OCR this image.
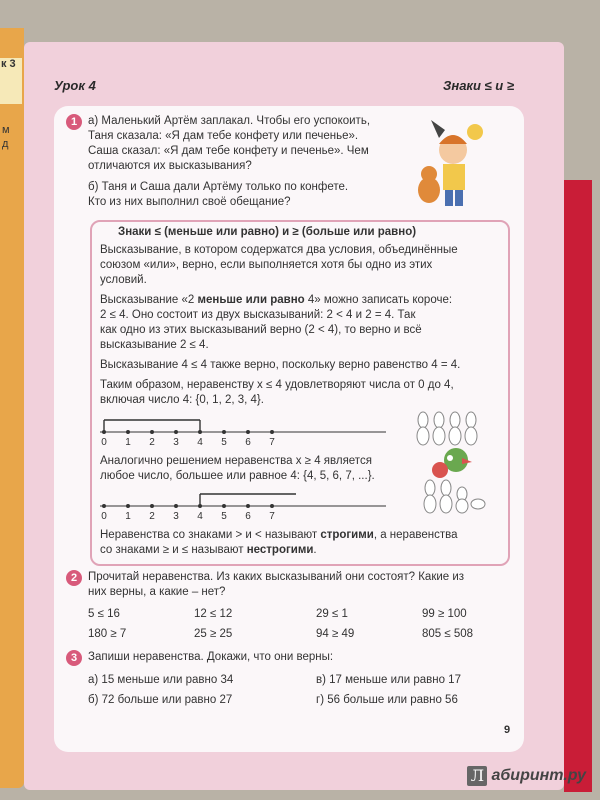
к 3
м
д
Урок 4	Знаки ≤ и ≥
1 а) Маленький Артём заплакал. Чтобы его успокоить,
Таня сказала: «Я дам тебе конфету или печенье».
Саша сказал: «Я дам тебе конфету и печенье». Чем
отличаются их высказывания?
б) Таня и Саша дали Артёму только по конфете.
Кто из них выполнил своё обещание?
Знаки ≤ (меньше или равно) и ≥ (больше или равно)
Высказывание, в котором содержатся два условия, объединённые
союзом «или», верно, если выполняется хотя бы одно из этих
условий.
Высказывание «2 меньше или равно 4» можно записать короче:
2 ≤ 4. Оно состоит из двух высказываний: 2 < 4 и 2 = 4. Так
как одно из этих высказываний верно (2 < 4), то верно и всё
высказывание 2 ≤ 4.
Высказывание 4 ≤ 4 также верно, поскольку верно равенство 4 = 4.
Таким образом, неравенству x ≤ 4 удовлетворяют числа от 0 до 4,
включая число 4: {0, 1, 2, 3, 4}.
0 1 2 3 4 5 6 7
Аналогично решением неравенства x ≥ 4 является
любое число, большее или равное 4: {4, 5, 6, 7, ...}.
0 1 2 3 4 5 6 7
Неравенства со знаками > и < называют строгими, а неравенства
со знаками ≥ и ≤ называют нестрогими.
2 Прочитай неравенства. Из каких высказываний они состоят? Какие из
них верны, а какие – нет?
5 ≤ 16	12 ≤ 12	29 ≤ 1	99 ≥ 100
180 ≥ 7	25 ≥ 25	94 ≥ 49	805 ≤ 508
3 Запиши неравенства. Докажи, что они верны:
а) 15 меньше или равно 34	в) 17 меньше или равно 17
б) 72 больше или равно 27	г) 56 больше или равно 56
9
Л абиринт.ру
